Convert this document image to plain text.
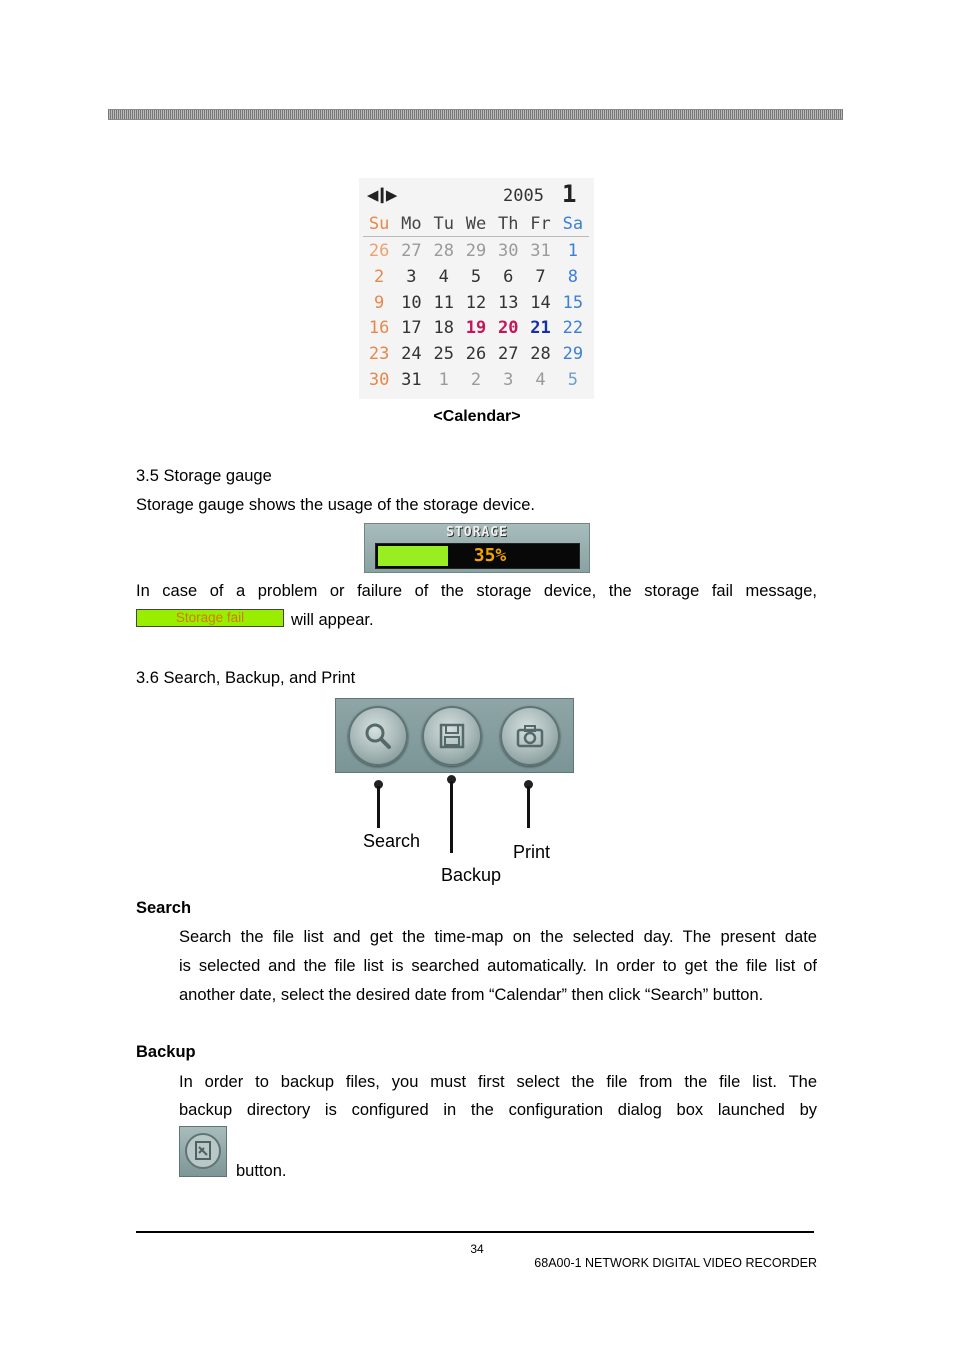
◀❙▶	2005 1
Su Mo Tu We Th Fr Sa
26 27 28 29 30 31 1
2	3	4	5	6	7	8
9 10 11 12 13 14 15
16 17 18 19 20 21 22
23 24 25 26 27 28 29
30 31 1	2	3	4	5
<Calendar>
3.5 Storage gauge
Storage gauge shows the usage of the storage device.
STORAGE
35%
In case of a problem or failure of the storage device, the storage fail message,
Storage fail	will appear.
3.6 Search, Backup, and Print
Search
Print
Backup
Search
Search the file list and get the time-map on the selected day. The present date
is selected and the file list is searched automatically. In order to get the file list of
another date, select the desired date from “Calendar” then click “Search” button.
Backup
In order to backup files, you must first select the file from the file list. The
backup directory is configured in the configuration dialog box launched by
button.
34
68A00-1 NETWORK DIGITAL VIDEO RECORDER
